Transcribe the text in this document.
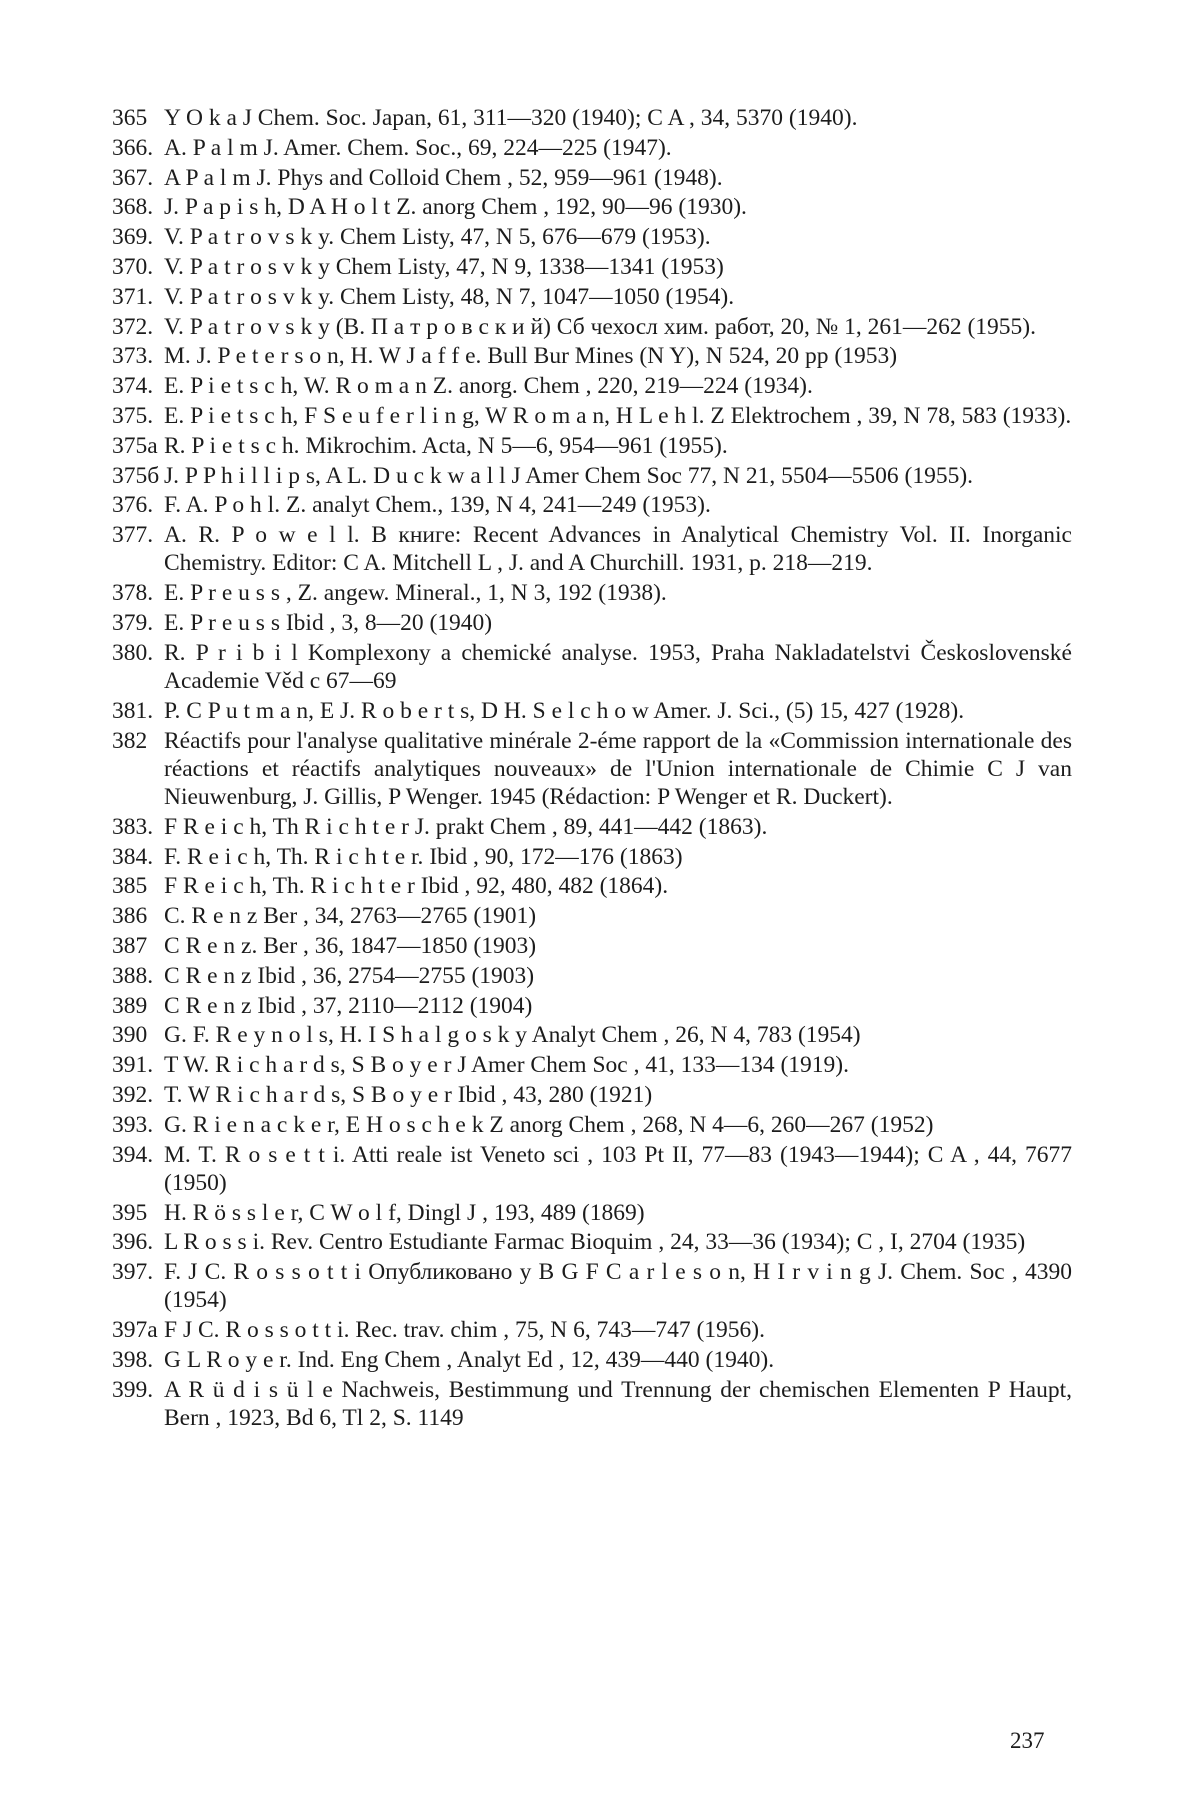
365 Y O k a J Chem. Soc. Japan, 61, 311—320 (1940); C A , 34, 5370 (1940).
366. A. P a l m J. Amer. Chem. Soc., 69, 224—225 (1947).
367. A P a l m J. Phys and Colloid Chem , 52, 959—961 (1948).
368. J. P a p i s h, D A H o l t Z. anorg Chem , 192, 90—96 (1930).
369. V. P a t r o v s k y. Chem Listy, 47, N 5, 676—679 (1953).
370. V. P a t r o s v k y Chem Listy, 47, N 9, 1338—1341 (1953)
371. V. P a t r o s v k y. Chem Listy, 48, N 7, 1047—1050 (1954).
372. V. P a t r o v s k y (В. П а т р о в с к и й) Сб чехосл хим. работ, 20, № 1, 261—262 (1955).
373. M. J. P e t e r s o n, H. W J a f f e. Bull Bur Mines (N Y), N 524, 20 pp (1953)
374. E. P i e t s c h, W. R o m a n Z. anorg. Chem , 220, 219—224 (1934).
375. E. P i e t s c h, F S e u f e r l i n g, W R o m a n, H L e h l. Z Elektrochem , 39, N 78, 583 (1933).
375a R. P i e t s c h. Mikrochim. Acta, N 5—6, 954—961 (1955).
375б J. P P h i l l i p s, A L. D u c k w a l l J Amer Chem Soc 77, N 21, 5504—5506 (1955).
376. F. A. P o h l. Z. analyt Chem., 139, N 4, 241—249 (1953).
377. A. R. P o w e l l. В книге: Recent Advances in Analytical Chemistry Vol. II. Inorganic Chemistry. Editor: C A. Mitchell L , J. and A Churchill. 1931, p. 218—219.
378. E. P r e u s s , Z. angew. Mineral., 1, N 3, 192 (1938).
379. E. P r e u s s Ibid , 3, 8—20 (1940)
380. R. P r i b i l Komplexony a chemické analyse. 1953, Praha Nakladatelstvi Československé Academie Věd c 67—69
381. P. C P u t m a n, E J. R o b e r t s, D H. S e l c h o w Amer. J. Sci., (5) 15, 427 (1928).
382 Réactifs pour l'analyse qualitative minérale 2-éme rapport de la «Commission internationale des réactions et réactifs analytiques nouveaux» de l'Union internationale de Chimie C J van Nieuwenburg, J. Gillis, P Wenger. 1945 (Rédaction: P Wenger et R. Duckert).
383. F R e i c h, Th R i c h t e r J. prakt Chem , 89, 441—442 (1863).
384. F. R e i c h, Th. R i c h t e r. Ibid , 90, 172—176 (1863)
385 F R e i c h, Th. R i c h t e r Ibid , 92, 480, 482 (1864).
386 C. R e n z Ber , 34, 2763—2765 (1901)
387 C R e n z. Ber , 36, 1847—1850 (1903)
388. C R e n z Ibid , 36, 2754—2755 (1903)
389 C R e n z Ibid , 37, 2110—2112 (1904)
390 G. F. R e y n o l s, H. I S h a l g o s k y Analyt Chem , 26, N 4, 783 (1954)
391. T W. R i c h a r d s, S B o y e r J Amer Chem Soc , 41, 133—134 (1919).
392. T. W R i c h a r d s, S B o y e r Ibid , 43, 280 (1921)
393. G. R i e n a c k e r, E H o s c h e k Z anorg Chem , 268, N 4—6, 260—267 (1952)
394. M. T. R o s e t t i. Atti reale ist Veneto sci , 103 Pt II, 77—83 (1943—1944); C A , 44, 7677 (1950)
395 H. R ö s s l e r, C W o l f, Dingl J , 193, 489 (1869)
396. L R o s s i. Rev. Centro Estudiante Farmac Bioquim , 24, 33—36 (1934); C , I, 2704 (1935)
397. F. J C. R o s s o t t i Опубликовано у B G F C a r l e s o n, H I r v i n g J. Chem. Soc , 4390 (1954)
397a F J C. R o s s o t t i. Rec. trav. chim , 75, N 6, 743—747 (1956).
398. G L R o y e r. Ind. Eng Chem , Analyt Ed , 12, 439—440 (1940).
399. A R ü d i s ü l e Nachweis, Bestimmung und Trennung der chemischen Elementen P Haupt, Bern , 1923, Bd 6, Tl 2, S. 1149
237
